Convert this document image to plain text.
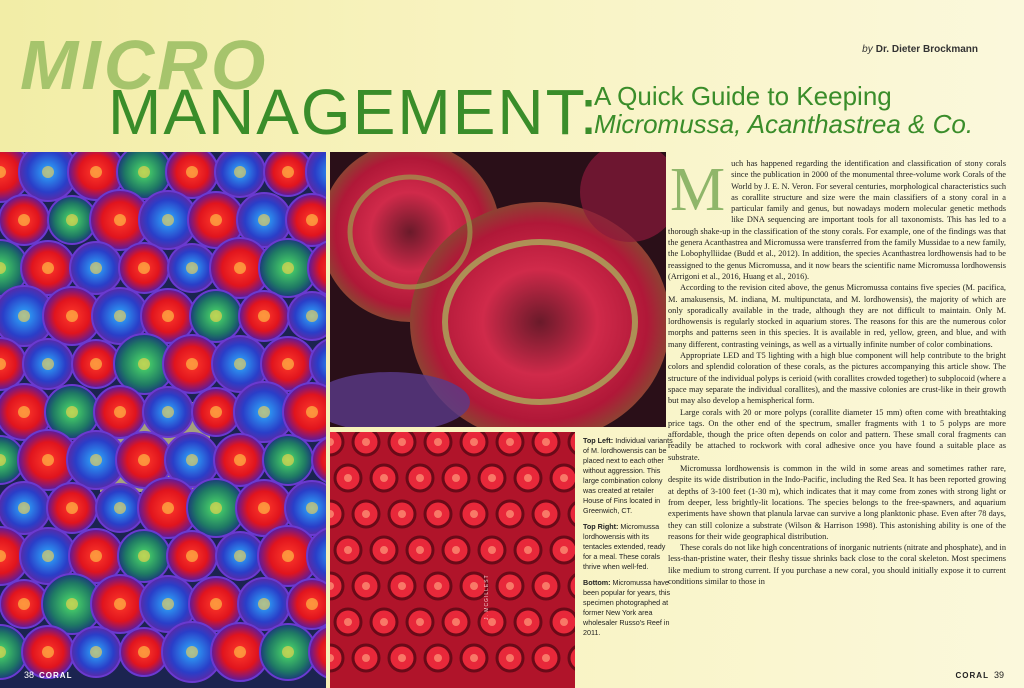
MICRO
MANAGEMENT:
A Quick Guide to Keeping
Micromussa, Acanthastrea & Co.
by Dr. Dieter Brockmann
J. MCGILLEST

Top Left: Individual variants of M. lordhowensis can be placed next to each other without aggression. This large combination colony was created at retailer House of Fins located in Greenwich, CT.

Top Right: Micromussa lordhowensis with its tentacles extended, ready for a meal. These corals thrive when well-fed.

Bottom: Micromussa have been popular for years, this specimen photographed at former New York area wholesaler Russo's Reef in 2011.

Much has happened regarding the identification and classification of stony corals since the publication in 2000 of the monumental three-volume work Corals of the World by J. E. N. Veron. For several centuries, morphological characteristics such as corallite structure and size were the main classifiers of a stony coral in a particular family and genus, but nowadays modern molecular genetic methods like DNA sequencing are important tools for all taxonomists. This has led to a thorough shake-up in the classification of the stony corals. For example, one of the findings was that the genera Acanthastrea and Micromussa were transferred from the family Mussidae to a new family, the Lobophylliidae (Budd et al., 2012). In addition, the species Acanthastrea lordhowensis had to be reassigned to the genus Micromussa, and it now bears the scientific name Micromussa lordhowensis (Arrigoni et al., 2016, Huang et al., 2016).

According to the revision cited above, the genus Micromussa contains five species (M. pacifica, M. amakusensis, M. indiana, M. multipunctata, and M. lordhowensis), the majority of which are only sporadically available in the trade, although they are not difficult to maintain. Only M. lordhowensis is regularly stocked in aquarium stores. The reasons for this are the numerous color morphs and patterns seen in this species. It is available in red, yellow, green, and blue, and with many different, contrasting veinings, as well as a virtually infinite number of color combinations.

Appropriate LED and T5 lighting with a high blue component will help contribute to the bright colors and splendid coloration of these corals, as the pictures accompanying this article show. The structure of the individual polyps is cerioid (with corallites crowded together) to subplocoid (where a space may separate the individual corallites), and the massive colonies are crust-like in their growth but may also develop a hemispherical form.

Large corals with 20 or more polyps (corallite diameter 15 mm) often come with breathtaking price tags. On the other end of the spectrum, smaller fragments with 1 to 5 polyps are more affordable, though the price often depends on color and pattern. These small coral fragments can readily be attached to rockwork with coral adhesive once you have found a suitable place as substrate.

Micromussa lordhowensis is common in the wild in some areas and sometimes rather rare, despite its wide distribution in the Indo-Pacific, including the Red Sea. It has been reported growing at depths of 3-100 feet (1-30 m), which indicates that it may come from zones with strong light or from deeper, less brightly-lit locations. The species belongs to the free-spawners, and aquarium experiments have shown that planula larvae can survive a long planktonic phase. Even after 78 days, they can still colonize a substrate (Wilson & Harrison 1998). This astonishing ability is one of the reasons for their wide geographical distribution.

These corals do not like high concentrations of inorganic nutrients (nitrate and phosphate), and in less-than-pristine water, their fleshy tissue shrinks back close to the coral skeleton. Most specimens like medium to strong current. If you purchase a new coral, you should initially expose it to current conditions similar to those in

38 CORAL	CORAL 39
